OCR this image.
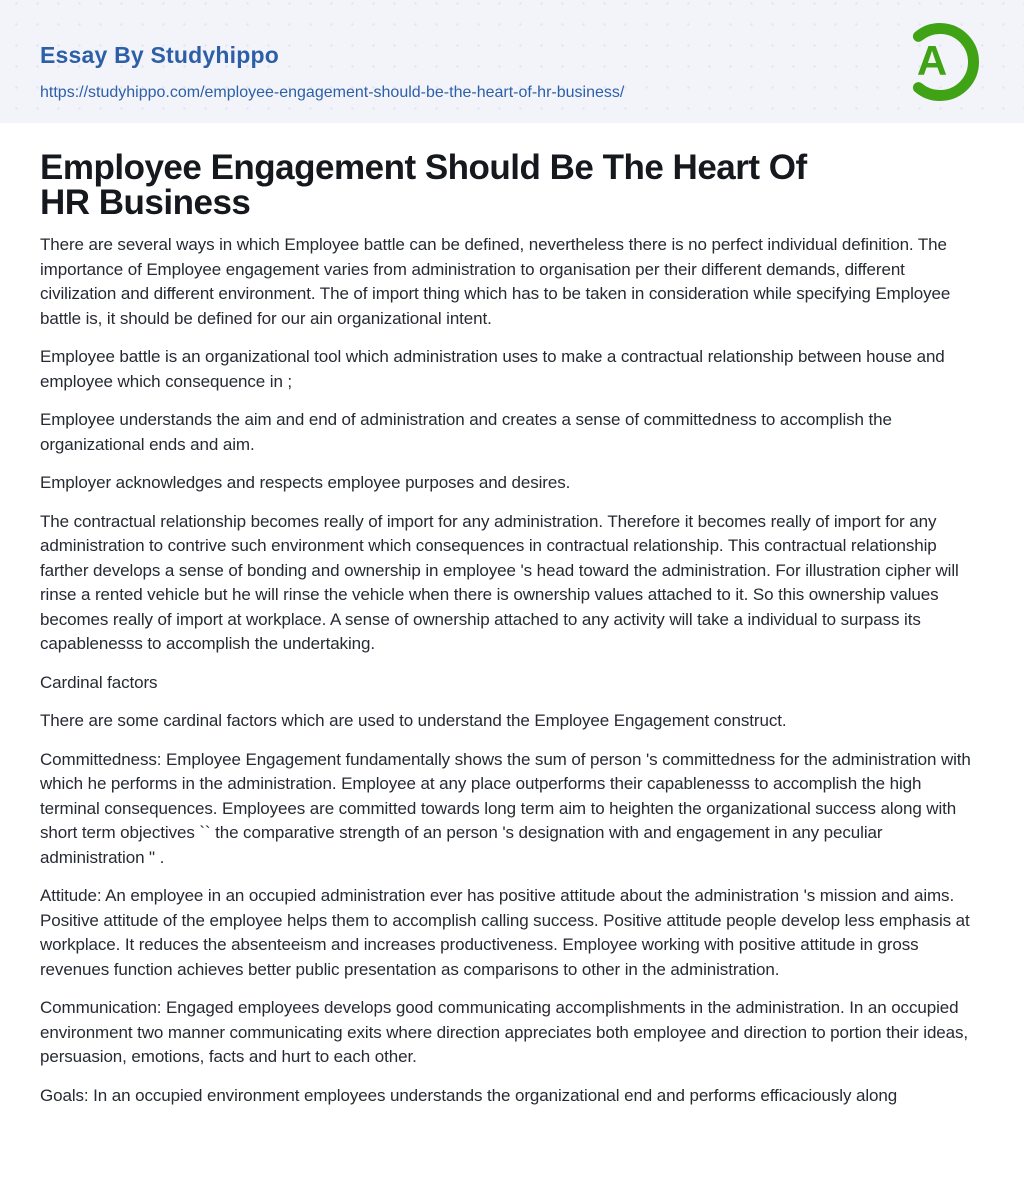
Essay By Studyhippo
https://studyhippo.com/employee-engagement-should-be-the-heart-of-hr-business/
A
Employee Engagement Should Be The Heart Of
HR Business

There are several ways in which Employee battle can be defined, nevertheless there is no perfect individual definition. The importance of Employee engagement varies from administration to organisation per their different demands, different civilization and different environment. The of import thing which has to be taken in consideration while specifying Employee battle is, it should be defined for our ain organizational intent.

Employee battle is an organizational tool which administration uses to make a contractual relationship between house and employee which consequence in ;

Employee understands the aim and end of administration and creates a sense of committedness to accomplish the organizational ends and aim.

Employer acknowledges and respects employee purposes and desires.

The contractual relationship becomes really of import for any administration. Therefore it becomes really of import for any administration to contrive such environment which consequences in contractual relationship. This contractual relationship farther develops a sense of bonding and ownership in employee 's head toward the administration. For illustration cipher will rinse a rented vehicle but he will rinse the vehicle when there is ownership values attached to it. So this ownership values becomes really of import at workplace. A sense of ownership attached to any activity will take a individual to surpass its capablenesss to accomplish the undertaking.

Cardinal factors

There are some cardinal factors which are used to understand the Employee Engagement construct.

Committedness: Employee Engagement fundamentally shows the sum of person 's committedness for the administration with which he performs in the administration. Employee at any place outperforms their capablenesss to accomplish the high terminal consequences. Employees are committed towards long term aim to heighten the organizational success along with short term objectives `` the comparative strength of an person 's designation with and engagement in any peculiar administration " .

Attitude: An employee in an occupied administration ever has positive attitude about the administration 's mission and aims. Positive attitude of the employee helps them to accomplish calling success. Positive attitude people develop less emphasis at workplace. It reduces the absenteeism and increases productiveness. Employee working with positive attitude in gross revenues function achieves better public presentation as comparisons to other in the administration.

Communication: Engaged employees develops good communicating accomplishments in the administration. In an occupied environment two manner communicating exits where direction appreciates both employee and direction to portion their ideas, persuasion, emotions, facts and hurt to each other.

Goals: In an occupied environment employees understands the organizational end and performs efficaciously along
